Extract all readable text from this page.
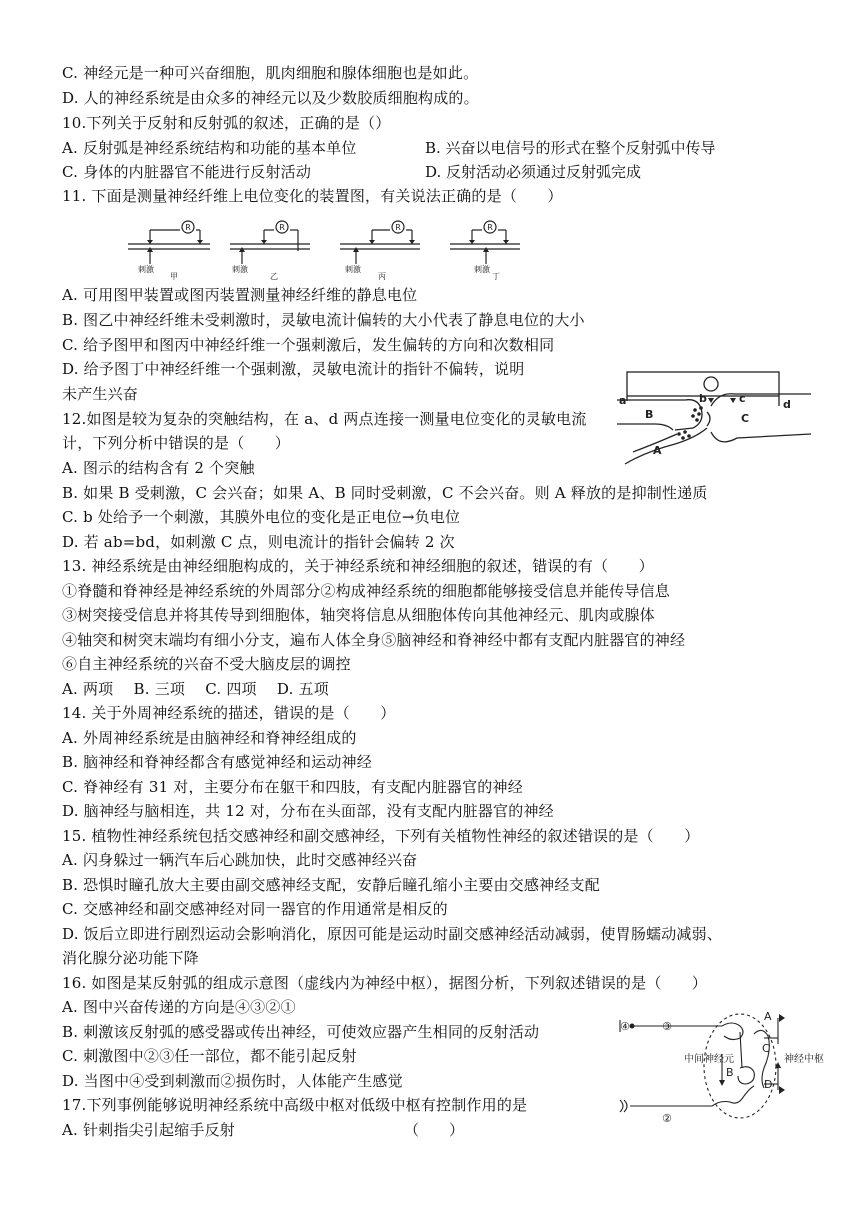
C. 神经元是一种可兴奋细胞，肌肉细胞和腺体细胞也是如此。
D. 人的神经系统是由众多的神经元以及少数胶质细胞构成的。
10.下列关于反射和反射弧的叙述，正确的是（）
A. 反射弧是神经系统结构和功能的基本单位	B. 兴奋以电信号的形式在整个反射弧中传导
C. 身体的内脏器官不能进行反射活动	D. 反射活动必须通过反射弧完成
11. 下面是测量神经纤维上电位变化的装置图，有关说法正确的是（　　）
R	R	R	R
刺激	刺激	刺激	刺激
甲	乙	丙	丁
A. 可用图甲装置或图丙装置测量神经纤维的静息电位
B. 图乙中神经纤维未受刺激时，灵敏电流计偏转的大小代表了静息电位的大小
C. 给予图甲和图丙中神经纤维一个强刺激后，发生偏转的方向和次数相同
D. 给予图丁中神经纤维一个强刺激，灵敏电流计的指针不偏转，说明
未产生兴奋	a	b	c	d
B	C
A
12.如图是较为复杂的突触结构，在 a、d 两点连接一测量电位变化的灵敏电流
计，下列分析中错误的是（　　）
A. 图示的结构含有 2 个突触
B. 如果 B 受刺激，C 会兴奋；如果 A、B 同时受刺激，C 不会兴奋。则 A 释放的是抑制性递质
C. b 处给予一个刺激，其膜外电位的变化是正电位→负电位
D. 若 ab=bd，如刺激 C 点，则电流计的指针会偏转 2 次
13. 神经系统是由神经细胞构成的，关于神经系统和神经细胞的叙述，错误的有（　　）
①脊髓和脊神经是神经系统的外周部分②构成神经系统的细胞都能够接受信息并能传导信息
③树突接受信息并将其传导到细胞体，轴突将信息从细胞体传向其他神经元、肌肉或腺体
④轴突和树突末端均有细小分支，遍布人体全身⑤脑神经和脊神经中都有支配内脏器官的神经
⑥自主神经系统的兴奋不受大脑皮层的调控
A. 两项　 B. 三项　 C. 四项　 D. 五项
14. 关于外周神经系统的描述，错误的是（　　）
A. 外周神经系统是由脑神经和脊神经组成的
B. 脑神经和脊神经都含有感觉神经和运动神经
C. 脊神经有 31 对，主要分布在躯干和四肢，有支配内脏器官的神经
D. 脑神经与脑相连，共 12 对，分布在头面部，没有支配内脏器官的神经
15. 植物性神经系统包括交感神经和副交感神经，下列有关植物性神经的叙述错误的是（　　）
A. 闪身躲过一辆汽车后心跳加快，此时交感神经兴奋
B. 恐惧时瞳孔放大主要由副交感神经支配，安静后瞳孔缩小主要由交感神经支配
C. 交感神经和副交感神经对同一器官的作用通常是相反的
D. 饭后立即进行剧烈运动会影响消化，原因可能是运动时副交感神经活动减弱，使胃肠蠕动减弱、
消化腺分泌功能下降
16. 如图是某反射弧的组成示意图（虚线内为神经中枢），据图分析，下列叙述错误的是（　　）
A. 图中兴奋传递的方向是④③②①
B. 刺激该反射弧的感受器或传出神经，可使效应器产生相同的反射活动
C. 刺激图中②③任一部位，都不能引起反射
D. 当图中④受到刺激而②损伤时，人体能产生感觉
④	③
②
A
B
C
D
中间神经元	神经中枢
17.下列事例能够说明神经系统中高级中枢对低级中枢有控制作用的是
A. 针刺指尖引起缩手反射	（　　）
